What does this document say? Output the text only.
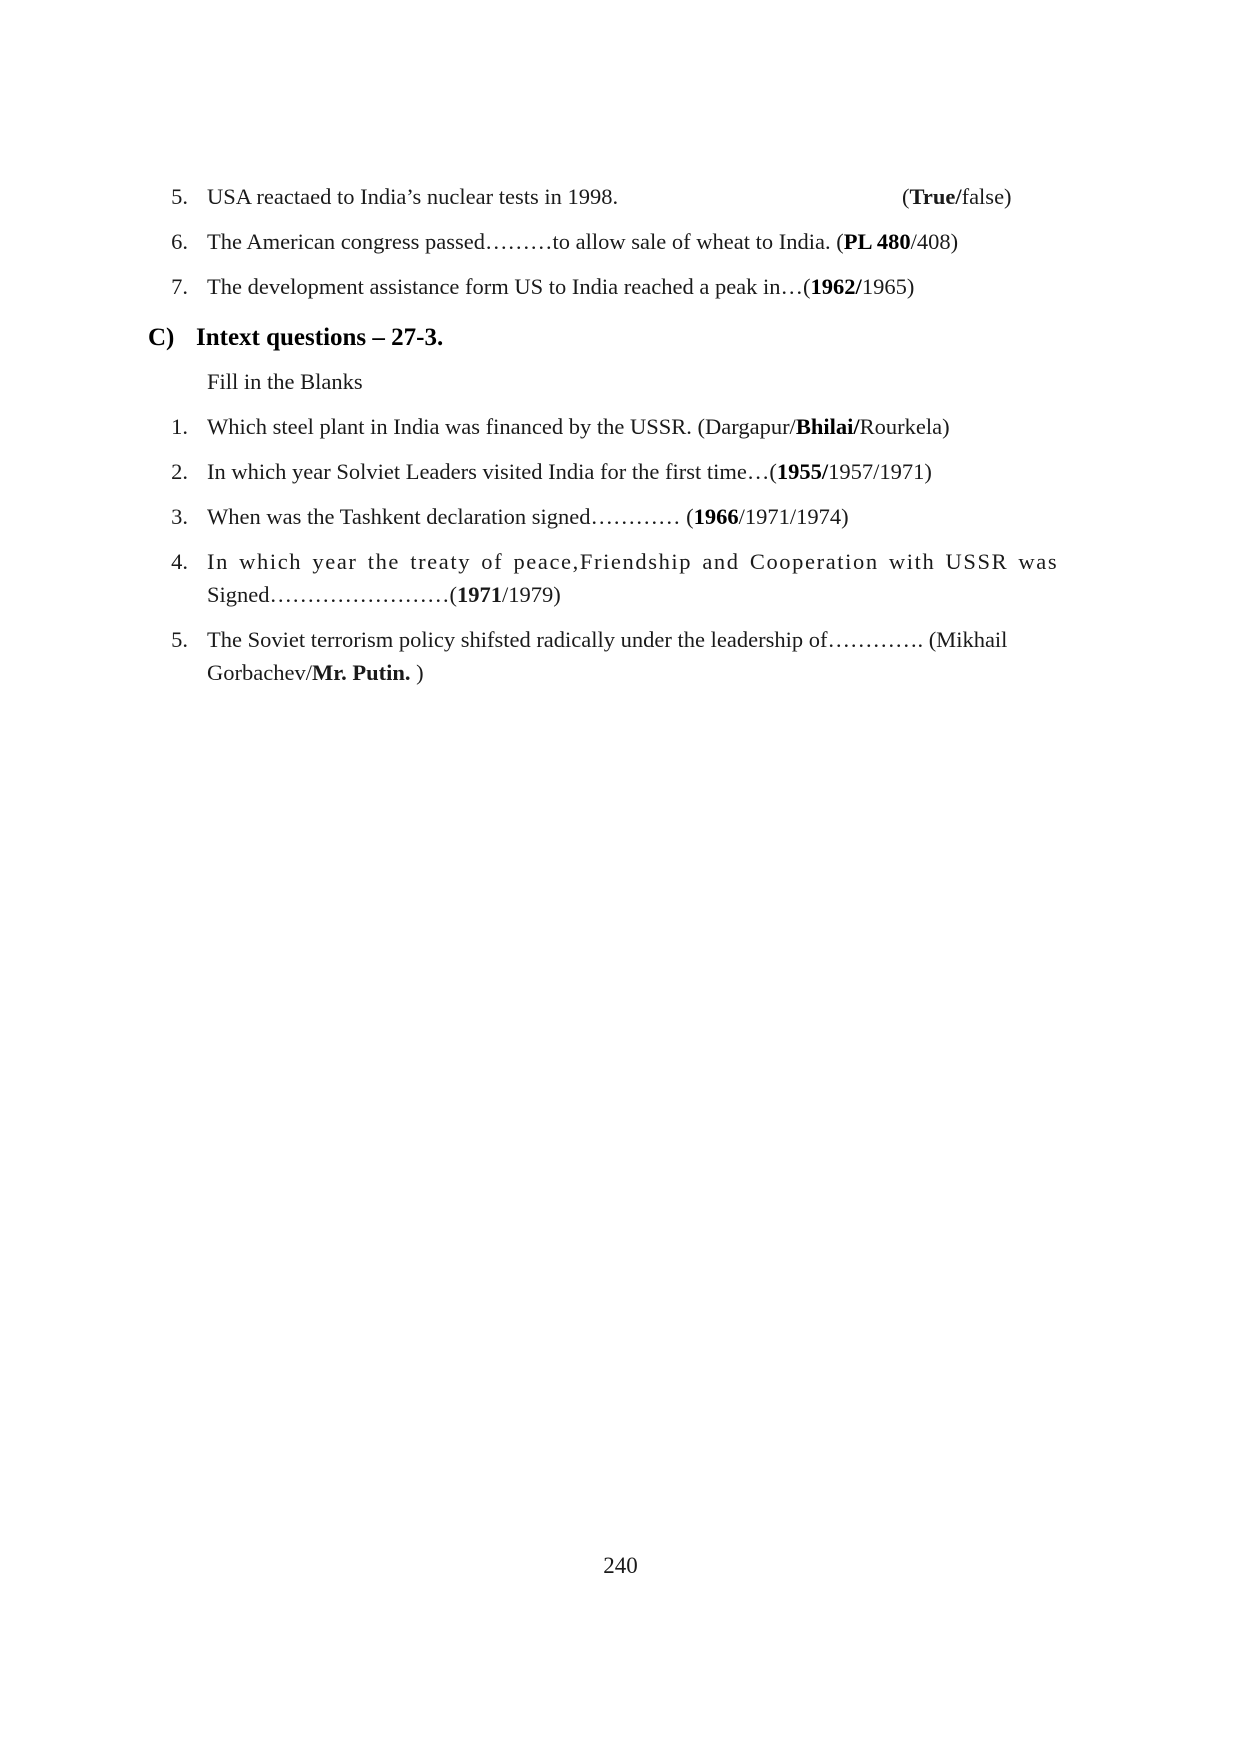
5. USA reactaed to India’s nuclear tests in 1998.	(True/false)
6. The American congress passed………to allow sale of wheat to India. (PL 480/408)
7. The development assistance form US to India reached a peak in…(1962/1965)
C) Intext questions – 27-3.
Fill in the Blanks
1. Which steel plant in India was financed by the USSR. (Dargapur/Bhilai/Rourkela)
2. In which year Solviet Leaders visited India for the first time…(1955/1957/1971)
3. When was the Tashkent declaration signed………… (1966/1971/1974)
4. In which year the treaty of peace,Friendship and Cooperation with USSR was
Signed……………………(1971/1979)
5. The Soviet terrorism policy shifsted radically under the leadership of…………. (Mikhail
Gorbachev/Mr. Putin. )
240
